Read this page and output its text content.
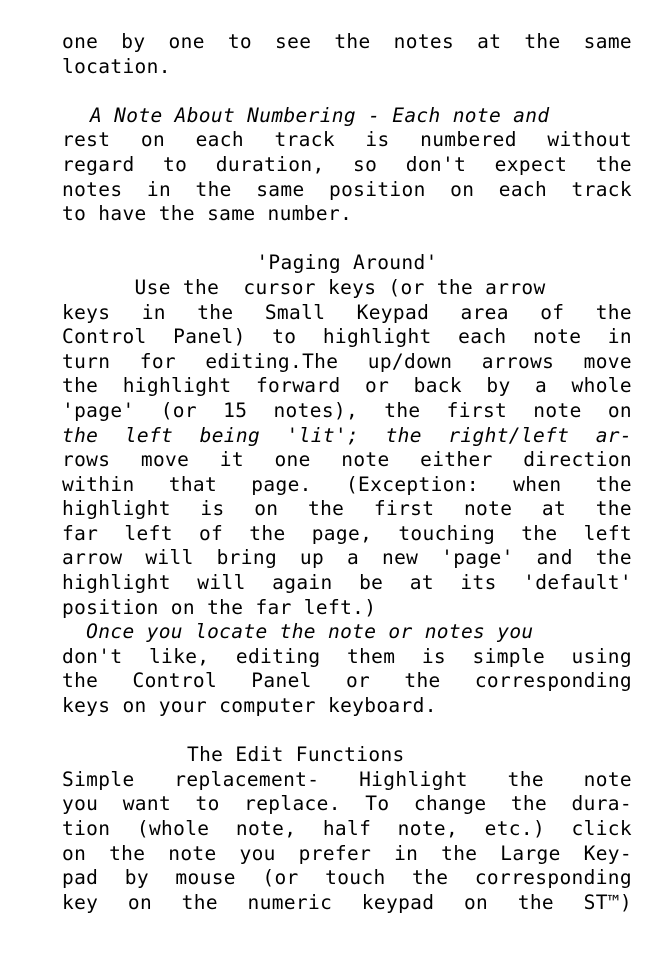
one by one to see the notes at the same
location.
A Note About Numbering - Each note and
rest on each track is numbered without
regard to duration, so don't expect the
notes in the same position on each track
to have the same number.
'Paging Around'
Use the  cursor keys (or the arrow
keys in the Small Keypad area of the
Control Panel) to highlight each note in
turn for editing.The up/down arrows move
the highlight forward or back by a whole
'page' (or 15 notes), the first note on
the left being 'lit'; the right/left ar-
rows move it one note either direction
within that page. (Exception: when the
highlight is on the first note at the
far left of the page, touching the left
arrow will bring up a new 'page' and the
highlight will again be at its 'default'
position on the far left.)
Once you locate the note or notes you
don't like, editing them is simple using
the Control Panel or the corresponding
keys on your computer keyboard.
The Edit Functions
Simple replacement- Highlight the note
you want to replace. To change the dura-
tion (whole note, half note, etc.) click
on the note you prefer in the Large Key-
pad by mouse (or touch the corresponding
key on the numeric keypad on the ST™)
